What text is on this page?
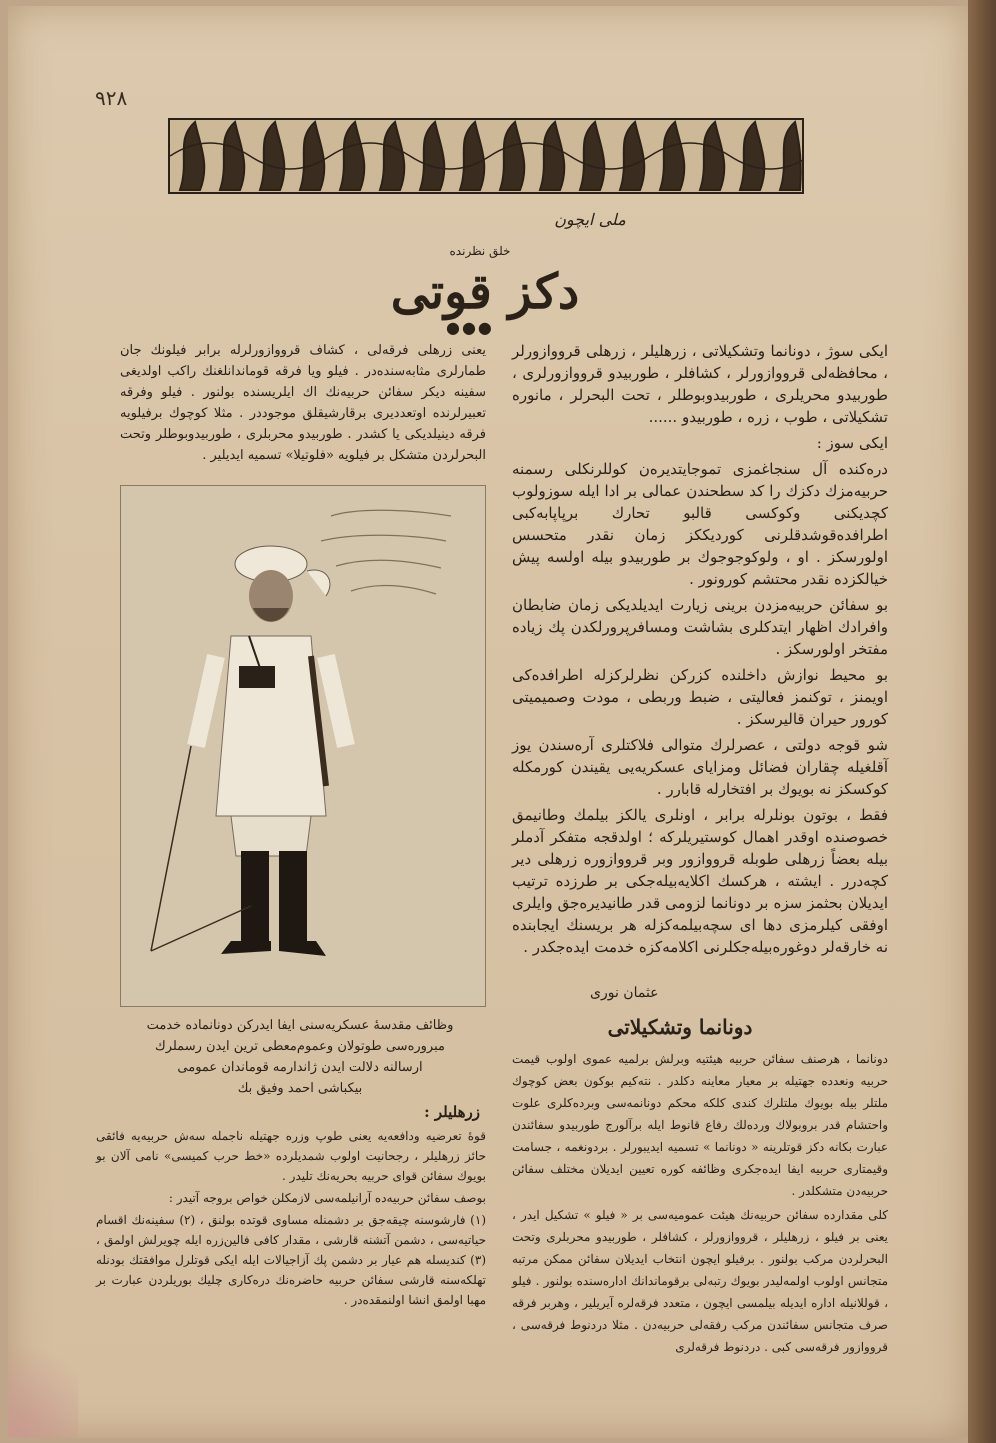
٩٢٨
ملی ایچون
خلق نظرنده
دکز قوتی
●●●

ایکی سوژ ، دونانما وتشکیلاتی ، زرهلیلر ، زرهلی قرووازورلر ، محافظەلی قرووازورلر ، کشافلر ، طوربیدو قرووازورلری ، طوربیدو محریلری ، طوربیدوبوطلر ، تحت البحرلر ، مانوره تشکیلاتی ، طوب ، زره ، طوربیدو ......

ایکی سوز :

دره‌کنده آل سنجاغمزی تموجایتدیرەن کوللرنکلی رسمنه حربیه‌مزك دکزك را کد سطحندن عمالی بر ادا ایله سوزولوب کچدیکنی وکوکسی قالبو تحارك برپاپابه‌کبی اطرافده‌قوشدقلرنی کوردیککز زمان نقدر متحسس اولورسکز . او ، ولوکوجوجوك بر طوربیدو بیله اولسه پیش خیالکزده نقدر محتشم کورونور .

بو سفائن حربیه‌مزدن برینی زیارت ایدیلدیکی زمان ضابطان وافرادك اظهار ایتدکلری بشاشت ومسافرپرورلکدن پك زیاده مفتخر اولورسکز .

بو محیط نوازش داخلنده کزرکن نظرلرکزله اطرافده‌کی اویمنز ، توکنمز فعالیتی ، ضبط وربطی ، مودت وصمیمیتی کورور حیران قالیرسکز .

شو قوجه دولتی ، عصرلرك متوالی فلاکتلری آرەسندن یوز آقلغیله چقاران فضائل ومزایای عسکریه‌یی یقیندن کورمکله کوکسکز نه بویوك بر افتخارله قابارر .

فقط ، بوتون بونلرله برابر ، اونلری یالکز بیلمك وطانیمق خصوصنده اوقدر اهمال کوستیریلرکه ؛ اولدقجه متفکر آدملر بیله بعضاً زرهلی طوبله قرووازور وبر قرووازوره زرهلی دیر کچه‌درر . ایشته ، هرکسك اکلایه‌بیله‌جکی بر طرزده ترتیب ایدیلان بحثمز سزه بر دونانما لزومی قدر طانیدیره‌جق وایلری اوفقی کیلرمزی دها ای سچه‌بیلمه‌کزله هر بریسنك ایجابنده نه خارقه‌لر دوغوره‌بیله‌جکلرنی اکلامه‌کزه خدمت ایده‌جکدر .

عثمان نوری

یعنی زرهلی فرقه‌لی ، کشاف قرووازورلرله برابر فیلونك جان طمارلری مثابه‌سنده‌در . فیلو ویا فرقه قوماندانلغنك راکب اولدیغی سفینه دیکر سفائن حربیه‌نك اك ایلریسنده بولنور . فیلو وفرقه تعبیرلرنده اوتعددیری برقارشیقلق موجوددر . مثلا کوچوك برفیلویه فرقه دینیلدیکی یا کشدر . طوربیدو محربلری ، طوربیدوبوطلر وتحت البحرلردن متشکل بر فیلویه «فلوتیلا» تسمیه ایدیلیر .

وظائف مقدسهٔ عسکریه‌سنی ایفا ایدرکن دونانماده خدمت
مبرورەسی طوتولان وعموم‌معطی ترین ایدن رسملرك
ارسالنه دلالت ایدن ژاندارمه قوماندان عمومی
بیکباشی احمد وفیق بك
زرهلیلر :

قوهٔ تعرضیه ودافعه‌یه یعنی طوپ وزره جهتیله ناجمله سه‌ش حربیه‌یه فائقی حائز زرهلیلر ، رجحانیت اولوب شمدیلرده «خط حرب کمیسی» نامی آلان بو بویوك سفائن قوای حربیه بحریه‌نك تلیدر .

بوصف سفائن حربیه‌ده آرانیلمه‌سی لازمکلن خواص بروجه آتیدر :

(١) فارشوسنه چیقه‌جق بر دشمنله مساوی قوتده بولنق ، (٢) سفینه‌نك اقسام حیاتیه‌سی ، دشمن آتشنه قارشی ، مقدار کافی فالین‌زره ایله چویرلش اولمق ، (٣) کندیسله هم عیار بر دشمن پك آزاجیالات ایله ایکی قوتلرل موافقتك بودنله تهلکه‌سنه قارشی سفائن حربیه حاضرەنك دره‌کاری چلیك بوریلردن عبارت بر مهبا اولمق انشا اولنمقده‌در .

دونانما وتشکیلاتی

دونانما ، هرصنف سفائن حربیه هیئتیه وبرلش برلمیه عموی اولوب قیمت حربیه ونعدده جهتیله بر معیار معاینه دکلدر . نته‌کیم بوکون بعض کوچوك ملتلر بیله بویوك ملتلرك کندی کلکه محکم دونانمه‌سی وبرده‌کلری علوت واحتشام قدر بروبولاك ورده‌لك رفاع قانوط ایله برآلورج طوربیدو سفائندن عبارت بکانه دکز قوتلرینه « دونانما » تسمیه ایدیبورلر . بردونغمه ، جسامت وقیمتاری حربیه ایفا ایده‌جکری وظائفه کوره تعیین ایدیلان مختلف سفائن حربیه‌دن متشکلدر .

کلی مقدارده سفائن حربیه‌نك هیئت عمومیه‌سی بر « فیلو » تشکیل ایدر ، یعنی بر فیلو ، زرهلیلر ، قرووازورلر ، کشافلر ، طوربیدو محربلری وتحت البحرلردن مرکب بولنور . برفیلو ایچون انتخاب ایدیلان سفائن ممکن مرتبه متجانس اولوب اولمه‌لیدر بویوك رتبه‌لی برقوماندانك اداره‌سنده بولنور . فیلو ، قوللانیله اداره ایدیله بیلمسی ایچون ، متعدد فرقه‌لره آیریلیر ، وهربر فرقه صرف متجانس سفائندن مرکب رفقه‌لی حربیه‌دن . مثلا دردنوط فرقه‌سی ، قرووازور فرقه‌سی کبی . دردنوط فرقه‌لری
